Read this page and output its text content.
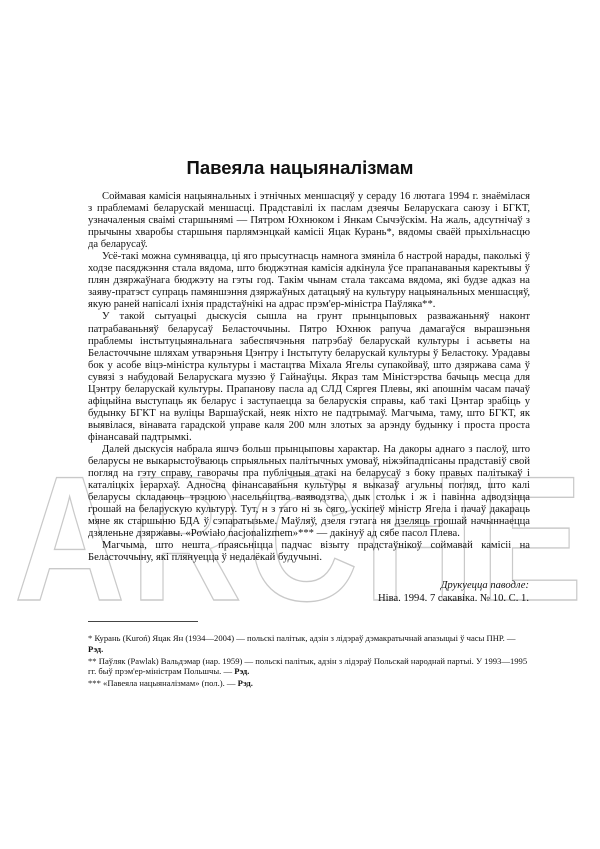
ARCHE
Павеяла нацыяналізмам

Соймавая камісія нацыянальных і этнічных меншасцяў у сераду 16 лютага 1994 г. знаёмілася з праблемамі беларускай меншасці. Прадставілі іх паслам дзеячы Беларускага саюзу і БГКТ, узначаленыя сваімі старшынямі — Пятром Юхнюком і Янкам Сычэўскім. На жаль, адсутнічаў з прычыны хваробы старшыня парлямэнцкай камісіі Яцак Курань*, вядомы сваёй прыхільнасцю да беларусаў.

Усё-такі можна сумнявацца, ці яго прысутнасць намнога змяніла б настрой нарады, паколькі ў ходзе пасяджэння стала вядома, што бюджэтная камісія адкінула ўсе прапанаваныя каректывы ў плян дзяржаўнага бюджэту на гэты год. Такім чынам стала таксама вядома, які будзе адказ на заяву-пратэст супраць памяншэння дзяржаўных датацыяў на культуру нацыянальных меншасцяў, якую раней напісалі іхнія прадстаўнікі на адрас прэм'ер-міністра Паўляка**.

У такой сытуацыі дыскусія сышла на грунт прынцыповых разважаньняў наконт патрабаваньняў беларусаў Беласточчыны. Пятро Юхнюк рапуча дамагаўся вырашэньня праблемы інстытуцыянальнага забеспячэньня патрэбаў беларускай культуры і асьветы на Беласточчыне шляхам утварэньня Цэнтру і Інстытуту беларускай культуры ў Беластоку. Урадавы бок у асобе віцэ-міністра культуры і мастацтва Міхала Ягелы супакойваў, што дзяржава сама ў сувязі з набудовай Беларускага музэю ў Гайнаўцы. Якраз там Міністэрства бачыць месца для Цэнтру беларускай культуры. Прапанову пасла ад СЛД Сяргея Плевы, які апошнім часам пачаў афіцыйна выступаць як беларус і заступаецца за беларускія справы, каб такі Цэнтар зрабіць у будынку БГКТ на вуліцы Варшаўскай, неяк ніхто не падтрымаў. Магчыма, таму, што БГКТ, як выявілася, вінавата гарадской управе каля 200 млн злотых за арэнду будынку і проста проста фінансавай падтрымкі.

Далей дыскусія набрала яшчэ больш прынцыповы характар. На дакоры аднаго з паслоў, што беларусы не выкарыстоўваюць спрыяльных палітычных умоваў, ніжэйпадпісаны прадставіў свой погляд на гэту справу, гаворачы пра публічныя атакі на беларусаў з боку правых палітыкаў і каталіцкіх іерархаў. Адносна фінансаваньня культуры я выказаў агульны погляд, што калі беларусы складаюць трэцюю насельніцтва ваяводзтва, дык стольк і ж і павінна адводзіцца грошай на беларускую культуру. Тут, н з таго ні зь сяго, ускіпеў міністр Ягела і пачаў дакараць мяне як старшыню БДА ў сэпаратызьме. Маўляў, дзеля гэтага ня дзеляць грошай начыннаецца дзяленьне дзяржавы. «Powiało nacjonalizmem»*** — дакінуў ад сябе пасол Плева.

Магчыма, што нешта праясьніцца падчас візыту прадстаўнікоў соймавай камісіі на Беласточчыну, які плянуецца ў недалёкай будучыні.

Друкуецца паводле:
Ніва. 1994. 7 сакавіка. № 10. С. 1.
* Курань (Kuroń) Яцак Ян (1934—2004) — польскі палітык, адзін з лідэраў дэмакратычнай апазыцыі ў часы ПНР. — Рэд.
** Паўляк (Pawlak) Вальдэмар (нар. 1959) — польскі палітык, адзін з лідэраў Польскай народнай партыі. У 1993—1995 гг. быў прэм'ер-міністрам Польшчы. — Рэд.
*** «Павеяла нацыяналізмам» (пол.). — Рэд.
